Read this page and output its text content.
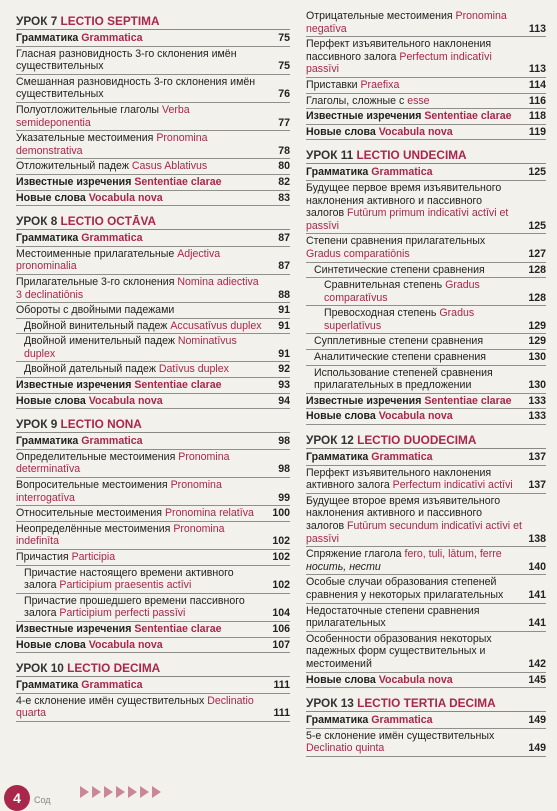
УРОК 7 LECTIO SEPTIMA
Грамматика Grammatica	75
Гласная разновидность 3-го склонения имён существительных	75
Смешанная разновидность 3-го склонения имён существительных	76
Полуотложительные глаголы Verba semideponentia	77
Указательные местоимения Pronomina demonstrativa	78
Отложительный падеж Casus Ablativus	80
Известные изречения Sententiae clarae	82
Новые слова Vocabula nova	83
УРОК 8 LECTIO OCTĀVA
Грамматика Grammatica	87
Местоименные прилагательные Adjectiva pronominalia	87
Прилагательные 3-го склонения Nomina adiectiva 3 declinatiōnis	88
Обороты с двойными падежами	91
Двойной винительный падеж Accusatīvus duplex 91
Двойной именительный падеж Nominatīvus duplex	91
Двойной дательный падеж Datīvus duplex	92
Известные изречения Sententiae clarae	93
Новые слова Vocabula nova	94
УРОК 9 LECTIO NONA
Грамматика Grammatica	98
Определительные местоимения Pronomina determinatīva	98
Вопросительные местоимения Pronomina interrogatīva	99
Относительные местоимения Pronomina relatīva 100
Неопределённые местоимения Pronomina indefinīta	102
Причастия Participia	102
Причастие настоящего времени активного залога Participium praesentis actīvi	102
Причастие прошедшего времени пассивного залога Participium perfecti passīvi	104
Известные изречения Sententiae clarae	106
Новые слова Vocabula nova	107
УРОК 10 LECTIO DECIMA
Грамматика Grammatica	111
4-е склонение имён существительных Declinatio quarta	111
Отрицательные местоимения Pronomina negatīva	113
Перфект изъявительного наклонения пассивного залога Perfectum indicatīvi passīvi	113
Приставки Praefixa	114
Глаголы, сложные с esse	116
Известные изречения Sententiae clarae 118
Новые слова Vocabula nova	119
УРОК 11 LECTIO UNDECIMA
Грамматика Grammatica	125
Будущее первое время изъявительного наклонения активного и пассивного залогов Futūrum primum indicatīvi actīvi et passīvi	125
Степени сравнения прилагательных Gradus comparatiōnis	127
Синтетические степени сравнения	128
Сравнительная степень Gradus comparatīvus	128
Превосходная степень Gradus superlatīvus	129
Супплетивные степени сравнения	129
Аналитические степени сравнения	130
Использование степеней сравнения прилагательных в предложении	130
Известные изречения Sententiae clarae 133
Новые слова Vocabula nova	133
УРОК 12 LECTIO DUODECIMA
Грамматика Grammatica	137
Перфект изъявительного наклонения активного залога Perfectum indicatīvi actīvi 137
Будущее второе время изъявительного наклонения активного и пассивного залогов Futūrum secundum indicatīvi actīvi et passīvi	138
Спряжение глагола fero, tuli, lātum, ferre носить, нести	140
Особые случаи образования степеней сравнения у некоторых прилагательных 141
Недостаточные степени сравнения прилагательных	141
Особенности образования некоторых падежных форм существительных и местоимений	142
Новые слова Vocabula nova	145
УРОК 13 LECTIO TERTIA DECIMA
Грамматика Grammatica	149
5-е склонение имён существительных Declinatio quinta	149
4	Сод
